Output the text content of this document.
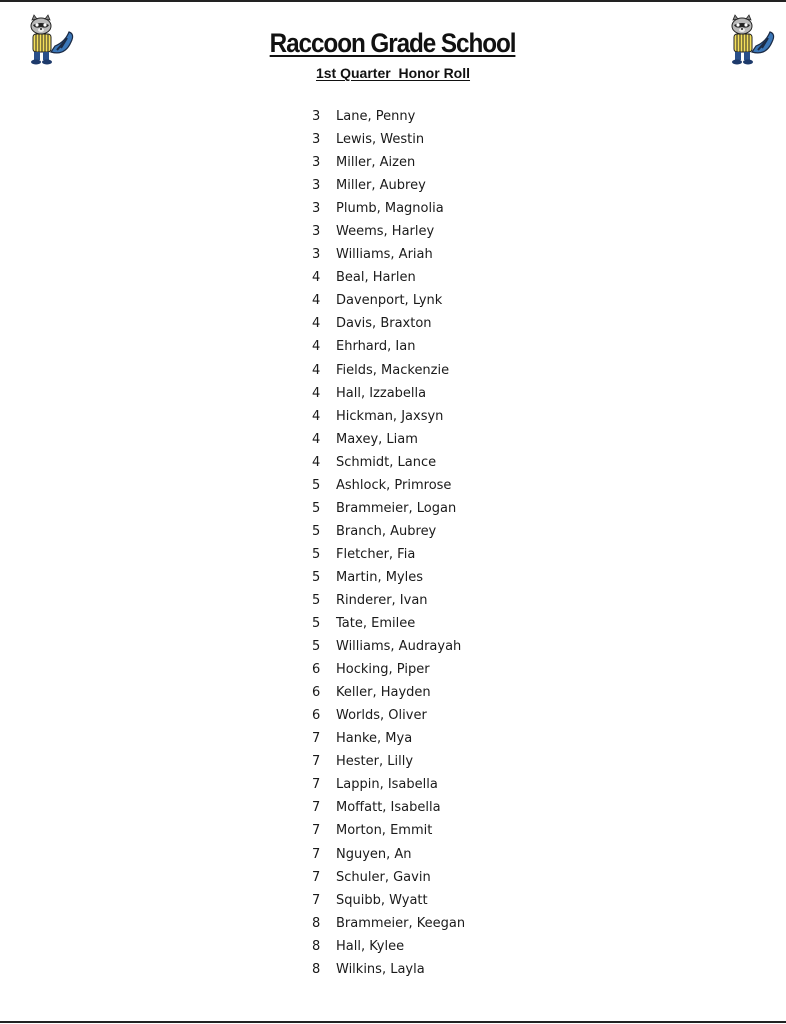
Raccoon Grade School
1st Quarter  Honor Roll
3 Lane, Penny
3 Lewis, Westin
3 Miller, Aizen
3 Miller, Aubrey
3 Plumb, Magnolia
3 Weems, Harley
3 Williams, Ariah
4 Beal, Harlen
4 Davenport, Lynk
4 Davis, Braxton
4 Ehrhard, Ian
4 Fields, Mackenzie
4 Hall, Izzabella
4 Hickman, Jaxsyn
4 Maxey, Liam
4 Schmidt, Lance
5 Ashlock, Primrose
5 Brammeier, Logan
5 Branch, Aubrey
5 Fletcher, Fia
5 Martin, Myles
5 Rinderer, Ivan
5 Tate, Emilee
5 Williams, Audrayah
6 Hocking, Piper
6 Keller, Hayden
6 Worlds, Oliver
7 Hanke, Mya
7 Hester, Lilly
7 Lappin, Isabella
7 Moffatt, Isabella
7 Morton, Emmit
7 Nguyen, An
7 Schuler, Gavin
7 Squibb, Wyatt
8 Brammeier, Keegan
8 Hall, Kylee
8 Wilkins, Layla
